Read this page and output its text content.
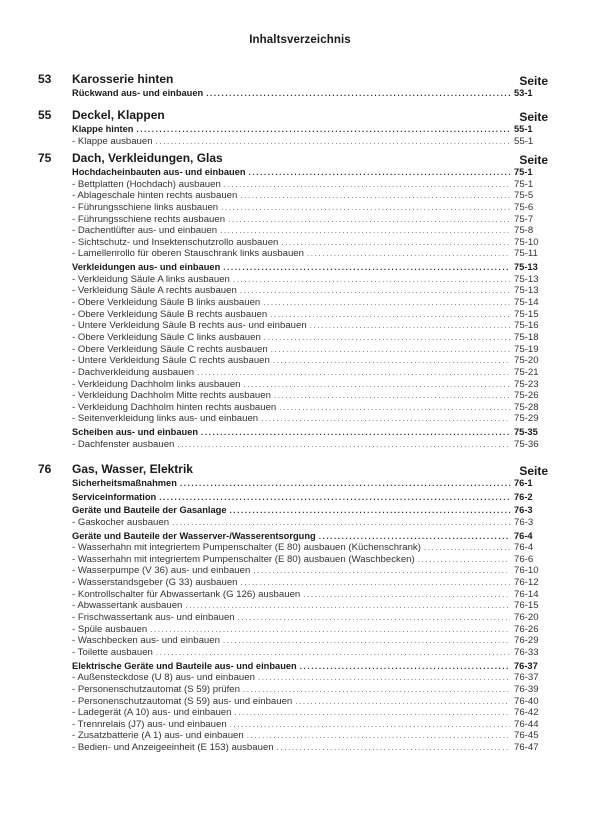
Inhaltsverzeichnis
53 Karosserie hinten	Seite
Rückwand aus- und einbauen .....	53-1
55 Deckel, Klappen	Seite
Klappe hinten .....	55-1
- Klappe ausbauen .....	55-1
75 Dach, Verkleidungen, Glas	Seite
Hochdacheinbauten aus- und einbauen .....	75-1
- Bettplatten (Hochdach) ausbauen .....	75-1
- Ablageschale hinten rechts ausbauen .....	75-5
- Führungsschiene links ausbauen .....	75-6
- Führungsschiene rechts ausbauen .....	75-7
- Dachentlüfter aus- und einbauen .....	75-8
- Sichtschutz- und Insektenschutzrollo ausbauen .....	75-10
- Lamellenrollo für oberen Stauschrank links ausbauen .....	75-11
Verkleidungen aus- und einbauen .....	75-13
- Verkleidung Säule A links ausbauen .....	75-13
- Verkleidung Säule A rechts ausbauen .....	75-13
- Obere Verkleidung Säule B links ausbauen .....	75-14
- Obere Verkleidung Säule B rechts ausbauen .....	75-15
- Untere Verkleidung Säule B rechts aus- und einbauen .....	75-16
- Obere Verkleidung Säule C links ausbauen .....	75-18
- Obere Verkleidung Säule C rechts ausbauen .....	75-19
- Untere Verkleidung Säule C rechts ausbauen .....	75-20
- Dachverkleidung ausbauen .....	75-21
- Verkleidung Dachholm links ausbauen .....	75-23
- Verkleidung Dachholm Mitte rechts ausbauen .....	75-26
- Verkleidung Dachholm hinten rechts ausbauen .....	75-28
- Seitenverkleidung links aus- und einbauen .....	75-29
Scheiben aus- und einbauen .....	75-35
- Dachfenster ausbauen .....	75-36
76 Gas, Wasser, Elektrik	Seite
Sicherheitsmaßnahmen .....	76-1
Serviceinformation .....	76-2
Geräte und Bauteile der Gasanlage .....	76-3
- Gaskocher ausbauen .....	76-3
Geräte und Bauteile der Wasserver-/Wasserentsorgung .....	76-4
- Wasserhahn mit integriertem Pumpenschalter (E 80) ausbauen (Küchenschrank) .....	76-4
- Wasserhahn mit integriertem Pumpenschalter (E 80) ausbauen (Waschbecken) .....	76-6
- Wasserpumpe (V 36) aus- und einbauen .....	76-10
- Wasserstandsgeber (G 33) ausbauen .....	76-12
- Kontrollschalter für Abwassertank (G 126) ausbauen .....	76-14
- Abwassertank ausbauen .....	76-15
- Frischwassertank aus- und einbauen .....	76-20
- Spüle ausbauen .....	76-26
- Waschbecken aus- und einbauen .....	76-29
- Toilette ausbauen .....	76-33
Elektrische Geräte und Bauteile aus- und einbauen .....	76-37
- Außensteckdose (U 8) aus- und einbauen .....	76-37
- Personenschutzautomat (S 59) prüfen .....	76-39
- Personenschutzautomat (S 59) aus- und einbauen .....	76-40
- Ladegerät (A 10) aus- und einbauen .....	76-42
- Trennrelais (J7) aus- und einbauen .....	76-44
- Zusatzbatterie (A 1) aus- und einbauen .....	76-45
- Bedien- und Anzeigeeinheit (E 153) ausbauen .....	76-47
